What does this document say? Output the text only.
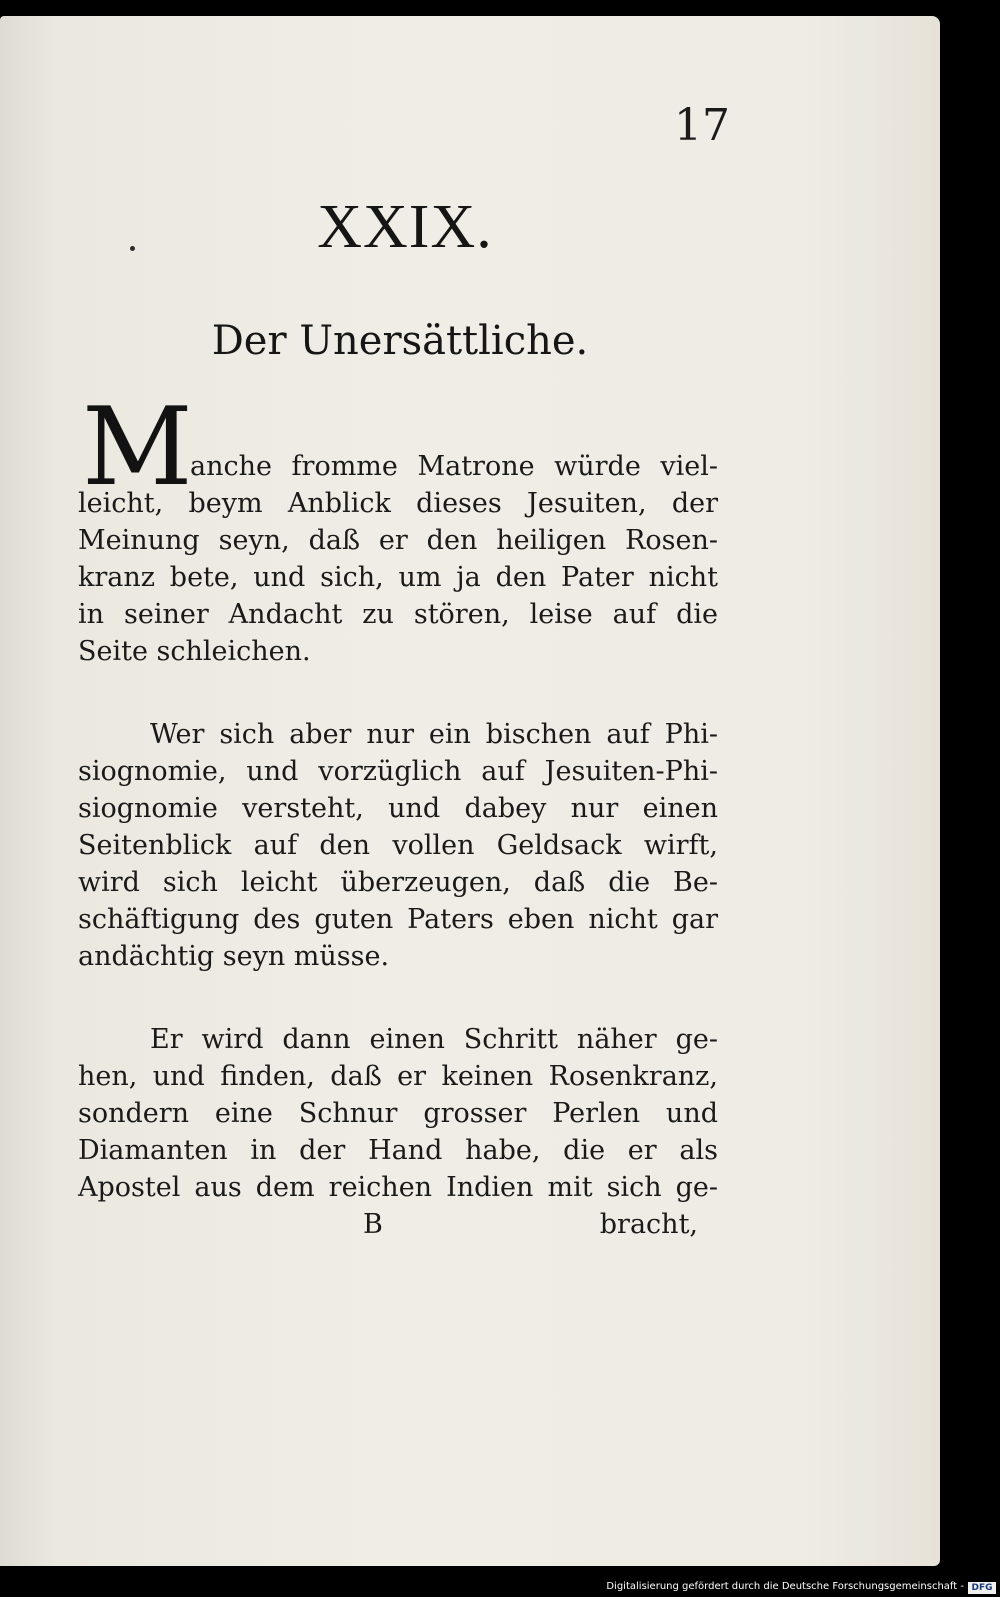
17
XXIX.
Der Unersättliche.
M
anche fromme Matrone würde viel-
leicht, beym Anblick dieses Jesuiten, der
Meinung seyn, daß er den heiligen Rosen-
kranz bete, und sich, um ja den Pater nicht
in seiner Andacht zu stören, leise auf die
Seite schleichen.
Wer sich aber nur ein bischen auf Phi-
siognomie, und vorzüglich auf Jesuiten-Phi-
siognomie versteht, und dabey nur einen
Seitenblick auf den vollen Geldsack wirft,
wird sich leicht überzeugen, daß die Be-
schäftigung des guten Paters eben nicht gar
andächtig seyn müsse.
Er wird dann einen Schritt näher ge-
hen, und finden, daß er keinen Rosenkranz,
sondern eine Schnur grosser Perlen und
Diamanten in der Hand habe, die er als
Apostel aus dem reichen Indien mit sich ge-
B	bracht,
Digitalisierung gefördert durch die Deutsche Forschungsgemeinschaft - DFG
